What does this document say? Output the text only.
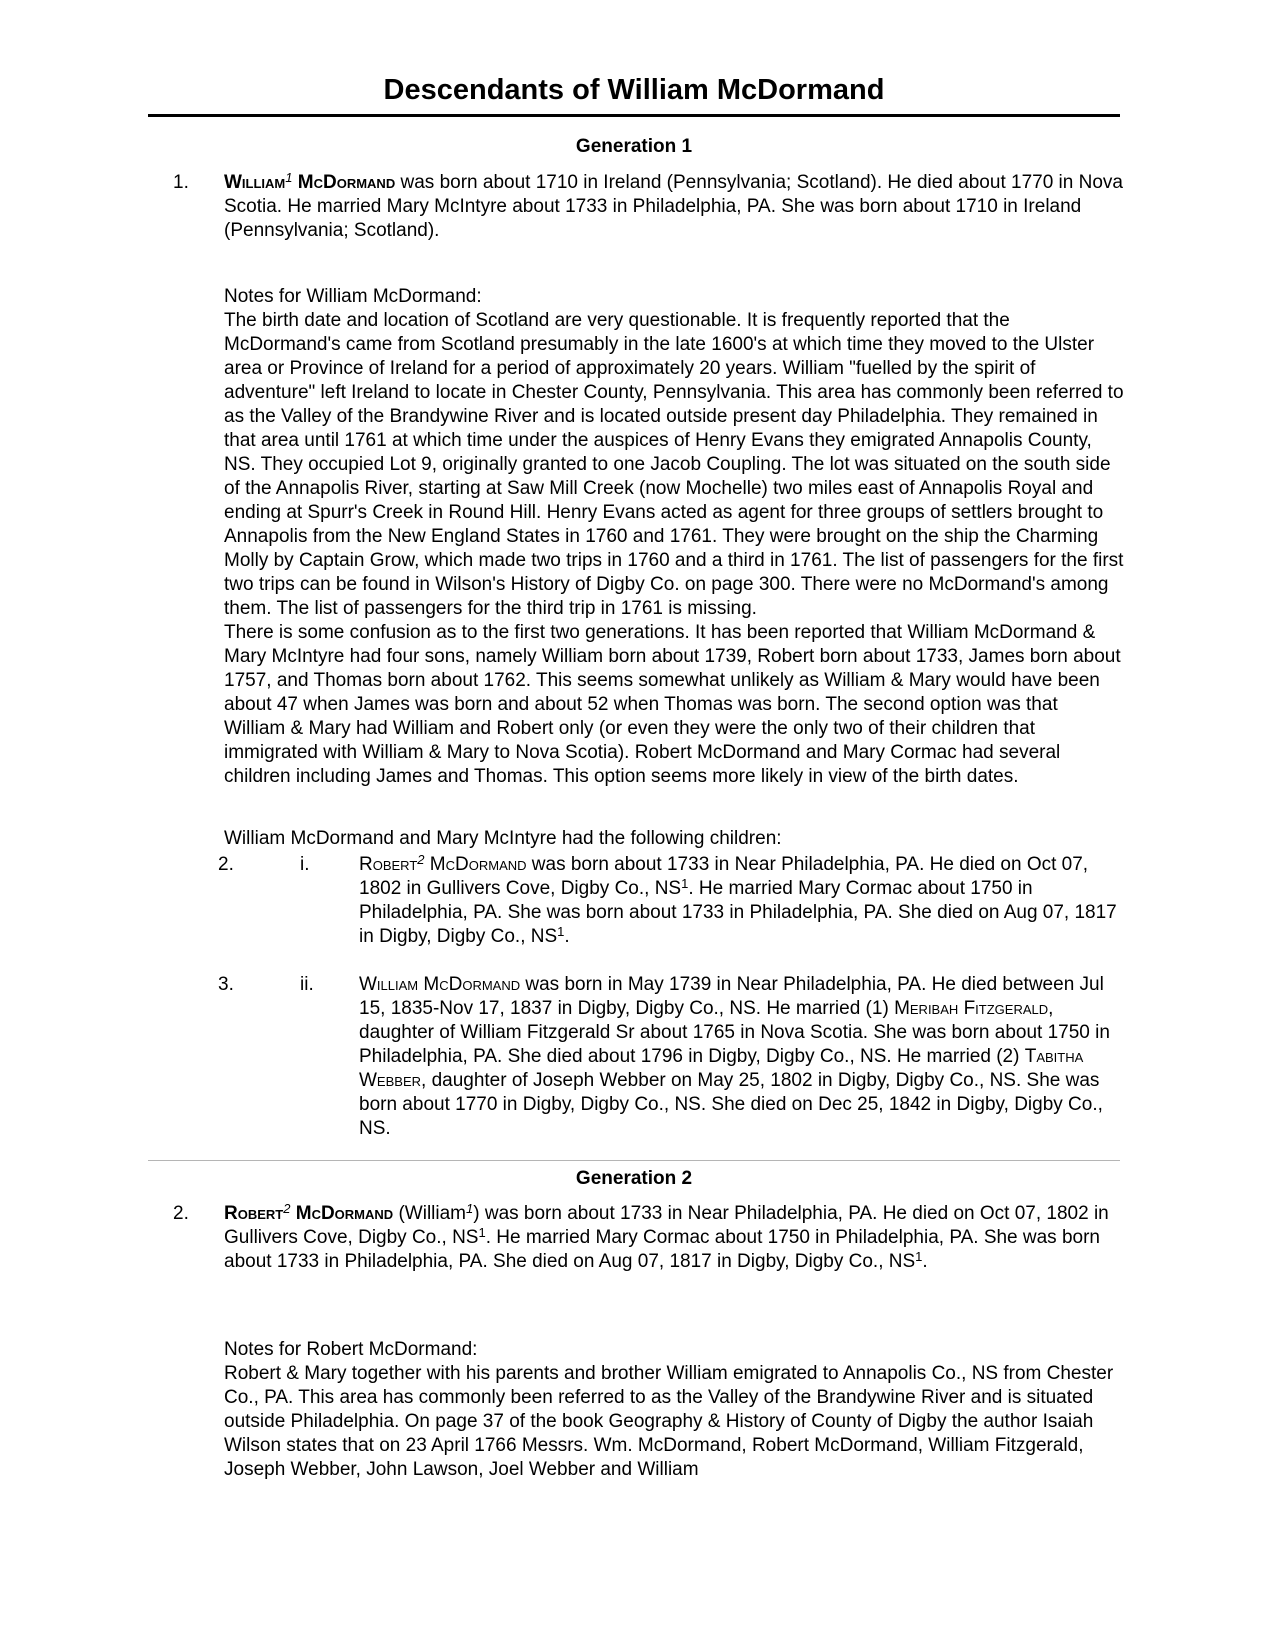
Descendants of William McDormand
Generation 1
1. William$^1$ McDormand was born about 1710 in Ireland (Pennsylvania; Scotland). He died about 1770 in Nova Scotia. He married Mary McIntyre about 1733 in Philadelphia, PA. She was born about 1710 in Ireland (Pennsylvania; Scotland).

Notes for William McDormand:

The birth date and location of Scotland are very questionable. It is frequently reported that the McDormand's came from Scotland presumably in the late 1600's at which time they moved to the Ulster area or Province of Ireland for a period of approximately 20 years. William "fuelled by the spirit of adventure" left Ireland to locate in Chester County, Pennsylvania. This area has commonly been referred to as the Valley of the Brandywine River and is located outside present day Philadelphia. They remained in that area until 1761 at which time under the auspices of Henry Evans they emigrated Annapolis County, NS. They occupied Lot 9, originally granted to one Jacob Coupling. The lot was situated on the south side of the Annapolis River, starting at Saw Mill Creek (now Mochelle) two miles east of Annapolis Royal and ending at Spurr's Creek in Round Hill. Henry Evans acted as agent for three groups of settlers brought to Annapolis from the New England States in 1760 and 1761. They were brought on the ship the Charming Molly by Captain Grow, which made two trips in 1760 and a third in 1761. The list of passengers for the first two trips can be found in Wilson's History of Digby Co. on page 300. There were no McDormand's among them. The list of passengers for the third trip in 1761 is missing.

There is some confusion as to the first two generations. It has been reported that William McDormand & Mary McIntyre had four sons, namely William born about 1739, Robert born about 1733, James born about 1757, and Thomas born about 1762. This seems somewhat unlikely as William & Mary would have been about 47 when James was born and about 52 when Thomas was born. The second option was that William & Mary had William and Robert only (or even they were the only two of their children that immigrated with William & Mary to Nova Scotia). Robert McDormand and Mary Cormac had several children including James and Thomas. This option seems more likely in view of the birth dates.

William McDormand and Mary McIntyre had the following children:

2.	i.	Robert$^2$ McDormand was born about 1733 in Near Philadelphia, PA. He died on Oct 07, 1802 in Gullivers Cove, Digby Co., $NS^1$. He married Mary Cormac about 1750 in Philadelphia, PA. She was born about 1733 in Philadelphia, PA. She died on Aug 07, 1817 in Digby, Digby Co., $NS^1$.

3.	ii. William McDormand was born in May 1739 in Near Philadelphia, PA. He died between Jul 15, 1835-Nov 17, 1837 in Digby, Digby Co., NS. He married (1) Meribah Fitzgerald, daughter of William Fitzgerald Sr about 1765 in Nova Scotia. She was born about 1750 in Philadelphia, PA. She died about 1796 in Digby, Digby Co., NS. He married (2) Tabitha Webber, daughter of Joseph Webber on May 25, 1802 in Digby, Digby Co., NS. She was born about 1770 in Digby, Digby Co., NS. She died on Dec 25, 1842 in Digby, Digby Co., NS.

Generation 2
2. Robert$^2$ McDormand (William$^1$) was born about 1733 in Near Philadelphia, PA. He died on Oct 07, 1802 in Gullivers Cove, Digby Co., $NS^1$. He married Mary Cormac about 1750 in Philadelphia, PA. She was born about 1733 in Philadelphia, PA. She died on Aug 07, 1817 in Digby, Digby Co., $NS^1$.

Notes for Robert McDormand:

Robert & Mary together with his parents and brother William emigrated to Annapolis Co., NS from Chester Co., PA. This area has commonly been referred to as the Valley of the Brandywine River and is situated outside Philadelphia. On page 37 of the book Geography & History of County of Digby the author Isaiah Wilson states that on 23 April 1766 Messrs. Wm. McDormand, Robert McDormand, William Fitzgerald, Joseph Webber, John Lawson, Joel Webber and William
